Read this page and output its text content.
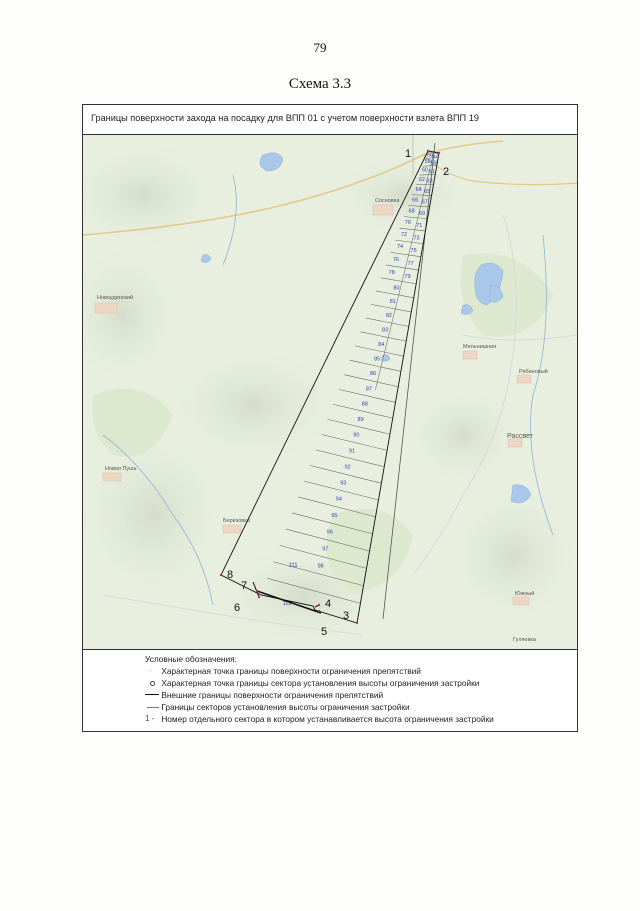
79
Схема 3.3
Границы поверхности захода на посадку для ВПП 01 с учетом поверхности взлета ВПП 19
Новоудинский
Новая Пушь
Рассвет
Южный
Берёзовка
Мельнишная
Рябиновый
Гуляевка
Сосновка
56 57
58 59
60 61
62 63
64 65
66 67
68 69
70
71
72
73
74
75
76
77
78
79
80
81
82
83
84
85
86
87
88
89
90
91
92
93
94
95
96
97
98
111
112
1
2
3
4
5
6
7
8
Условные обозначения:
· Характерная точка границы поверхности ограничения препятствий
Характерная точка границы сектора установления высоты ограничения застройки
Внешние границы поверхности ограничения препятствий
Границы секторов установления высоты ограничения застройки
1 - Номер отдельного сектора в котором устанавливается высота ограничения застройки
